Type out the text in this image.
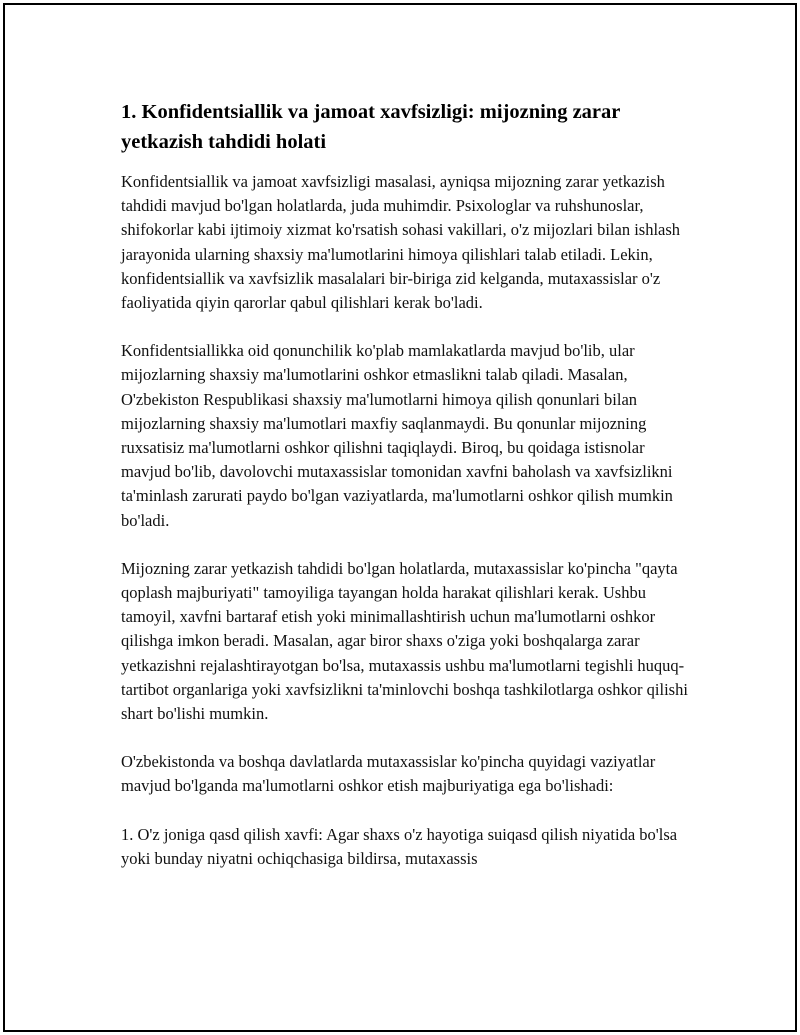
1. Konfidentsiallik va jamoat xavfsizligi: mijozning zarar yetkazish tahdidi holati

Konfidentsiallik va jamoat xavfsizligi masalasi, ayniqsa mijozning zarar yetkazish tahdidi mavjud bo'lgan holatlarda, juda muhimdir. Psixologlar va ruhshunoslar, shifokorlar kabi ijtimoiy xizmat ko'rsatish sohasi vakillari, o'z mijozlari bilan ishlash jarayonida ularning shaxsiy ma'lumotlarini himoya qilishlari talab etiladi. Lekin, konfidentsiallik va xavfsizlik masalalari bir-biriga zid kelganda, mutaxassislar o'z faoliyatida qiyin qarorlar qabul qilishlari kerak bo'ladi.

Konfidentsiallikka oid qonunchilik ko'plab mamlakatlarda mavjud bo'lib, ular mijozlarning shaxsiy ma'lumotlarini oshkor etmaslikni talab qiladi. Masalan, O'zbekiston Respublikasi shaxsiy ma'lumotlarni himoya qilish qonunlari bilan mijozlarning shaxsiy ma'lumotlari maxfiy saqlanmaydi. Bu qonunlar mijozning ruxsatisiz ma'lumotlarni oshkor qilishni taqiqlaydi. Biroq, bu qoidaga istisnolar mavjud bo'lib, davolovchi mutaxassislar tomonidan xavfni baholash va xavfsizlikni ta'minlash zarurati paydo bo'lgan vaziyatlarda, ma'lumotlarni oshkor qilish mumkin bo'ladi.

Mijozning zarar yetkazish tahdidi bo'lgan holatlarda, mutaxassislar ko'pincha "qayta qoplash majburiyati" tamoyiliga tayangan holda harakat qilishlari kerak. Ushbu tamoyil, xavfni bartaraf etish yoki minimallashtirish uchun ma'lumotlarni oshkor qilishga imkon beradi. Masalan, agar biror shaxs o'ziga yoki boshqalarga zarar yetkazishni rejalashtirayotgan bo'lsa, mutaxassis ushbu ma'lumotlarni tegishli huquq-tartibot organlariga yoki xavfsizlikni ta'minlovchi boshqa tashkilotlarga oshkor qilishi shart bo'lishi mumkin.

O'zbekistonda va boshqa davlatlarda mutaxassislar ko'pincha quyidagi vaziyatlar mavjud bo'lganda ma'lumotlarni oshkor etish majburiyatiga ega bo'lishadi:

1. O'z joniga qasd qilish xavfi: Agar shaxs o'z hayotiga suiqasd qilish niyatida bo'lsa yoki bunday niyatni ochiqchasiga bildirsa, mutaxassis
